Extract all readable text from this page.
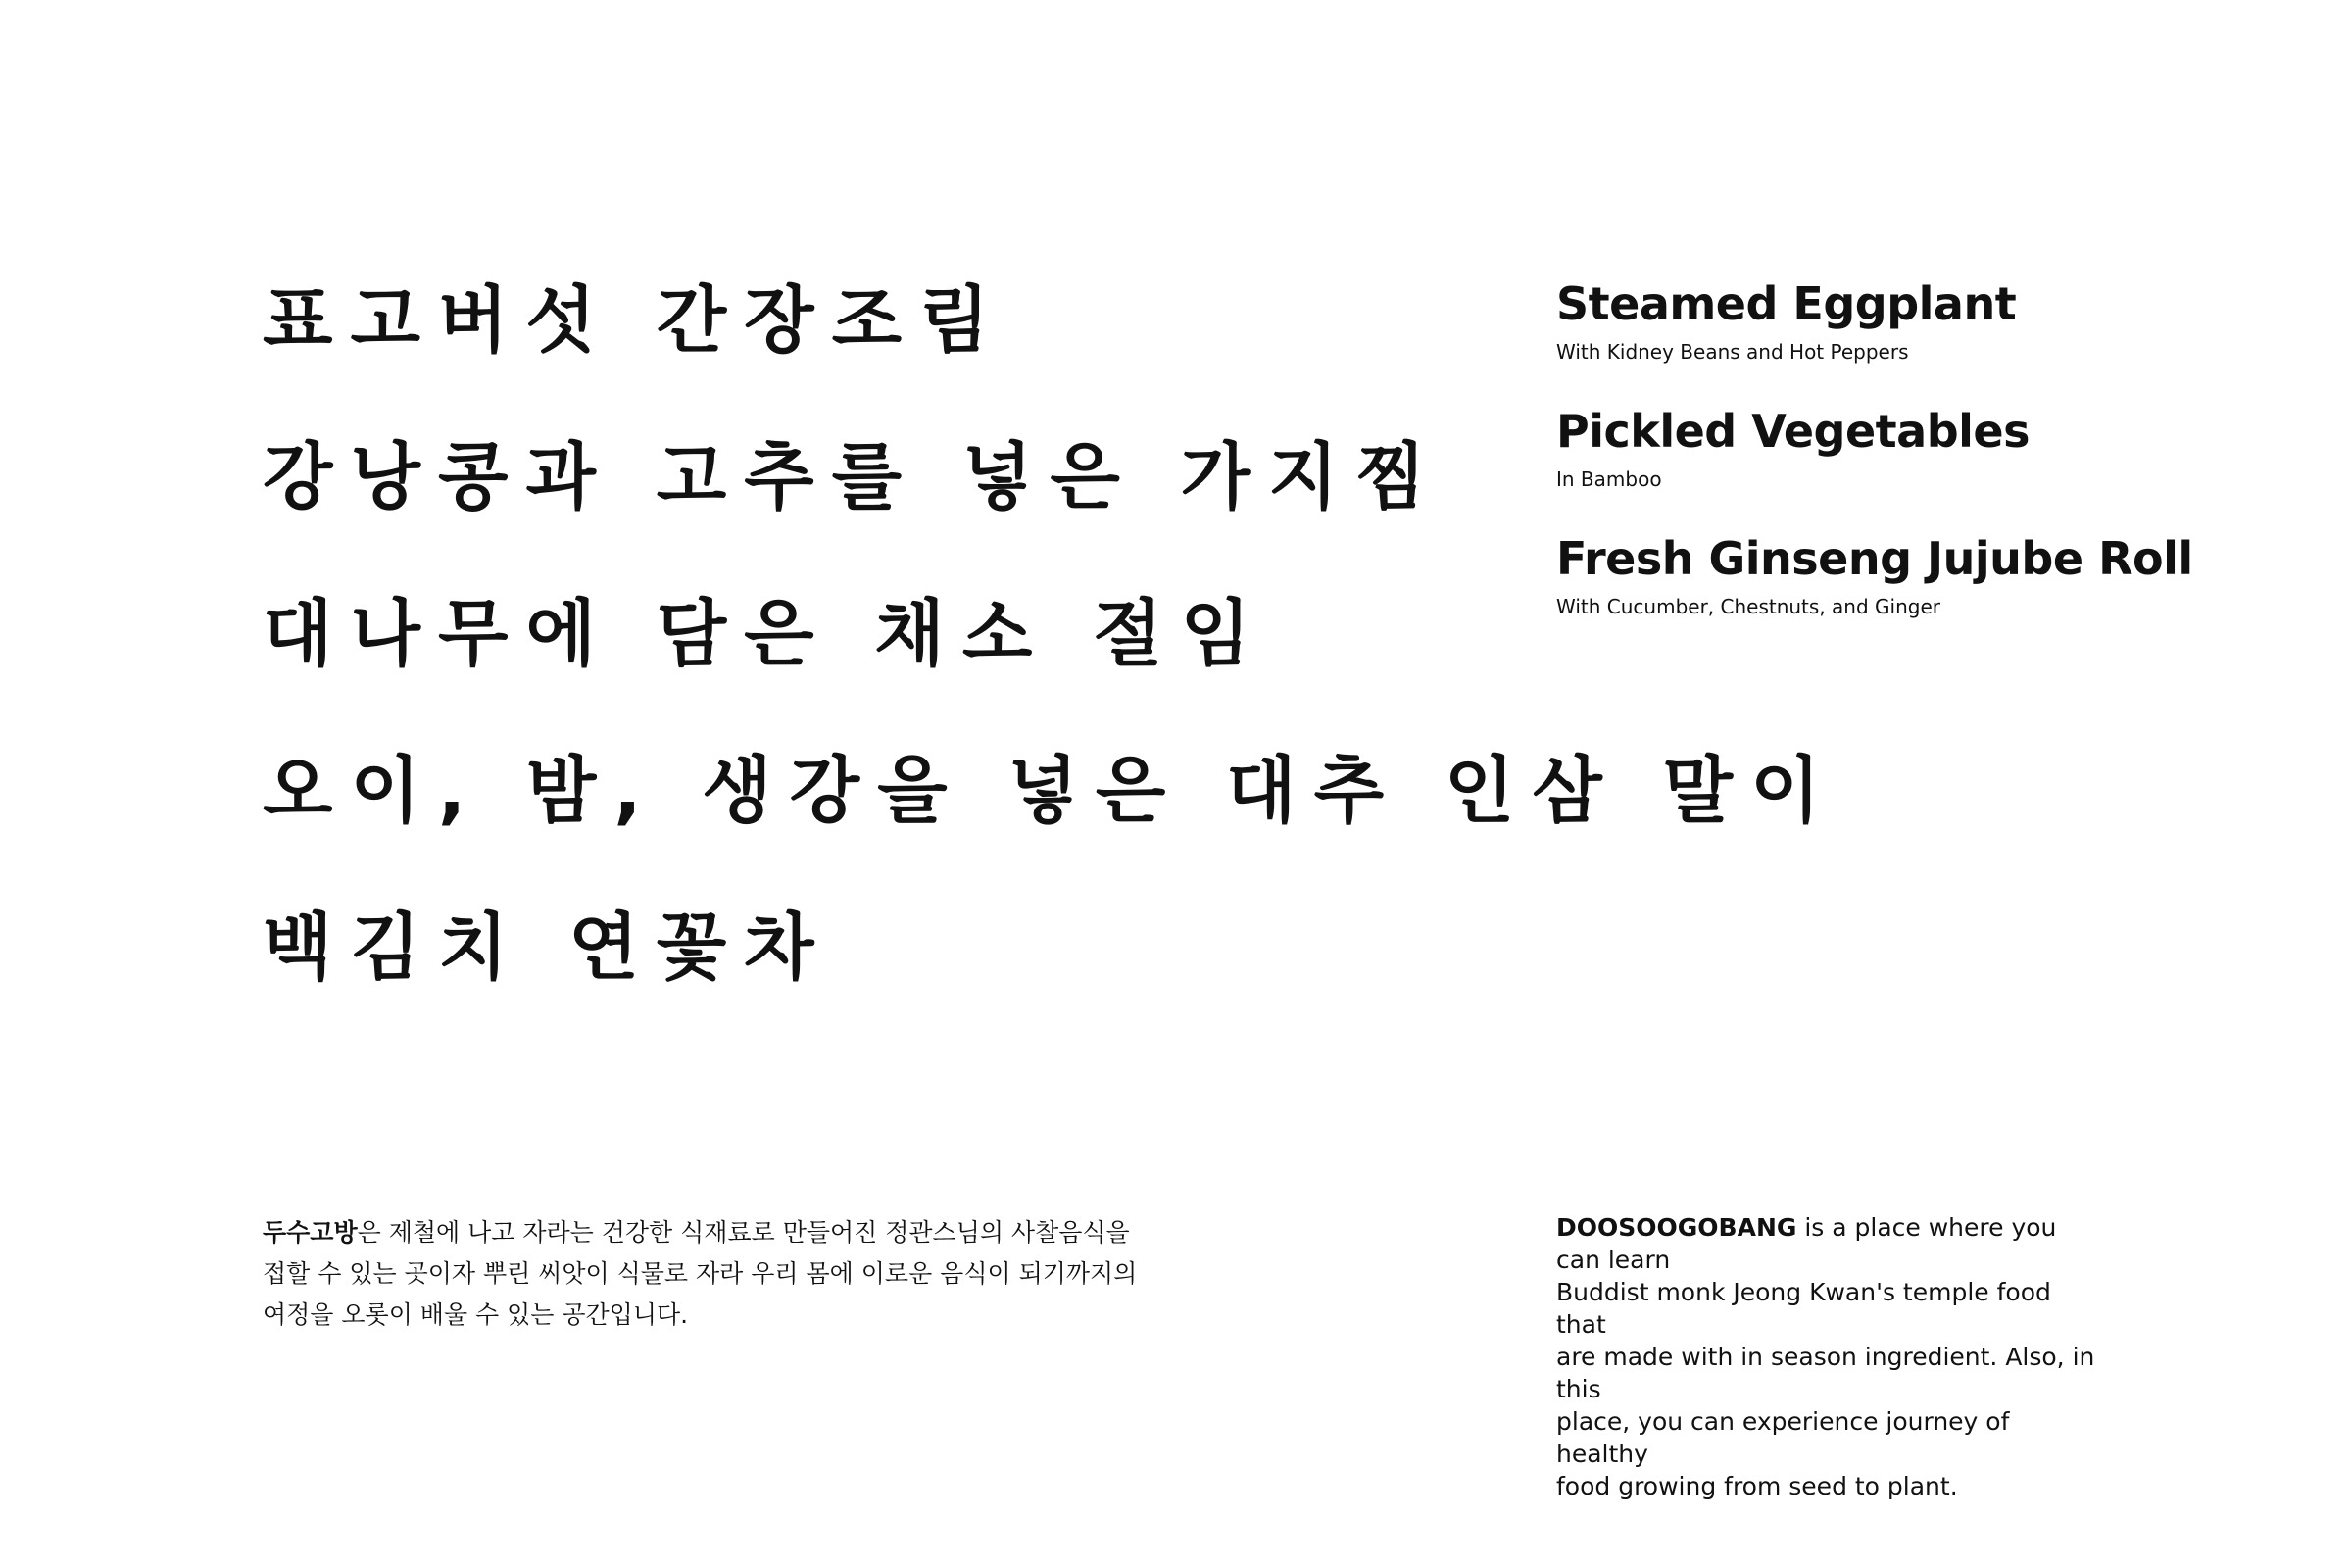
표고버섯 간장조림
강낭콩과 고추를 넣은 가지찜
대나무에 담은 채소 절임
오이, 밤, 생강을 넣은 대추 인삼 말이
백김치 연꽃차
Steamed Eggplant
With Kidney Beans and Hot Peppers
Pickled Vegetables
In Bamboo
Fresh Ginseng Jujube Roll
With Cucumber, Chestnuts, and Ginger
두수고방은 제철에 나고 자라는 건강한 식재료로 만들어진 정관스님의 사찰음식을
접할 수 있는 곳이자 뿌린 씨앗이 식물로 자라 우리 몸에 이로운 음식이 되기까지의
여정을 오롯이 배울 수 있는 공간입니다.
DOOSOOGOBANG is a place where you can learn
Buddist monk Jeong Kwan's temple food that
are made with in season ingredient. Also, in this
place, you can experience journey of healthy
food growing from seed to plant.
